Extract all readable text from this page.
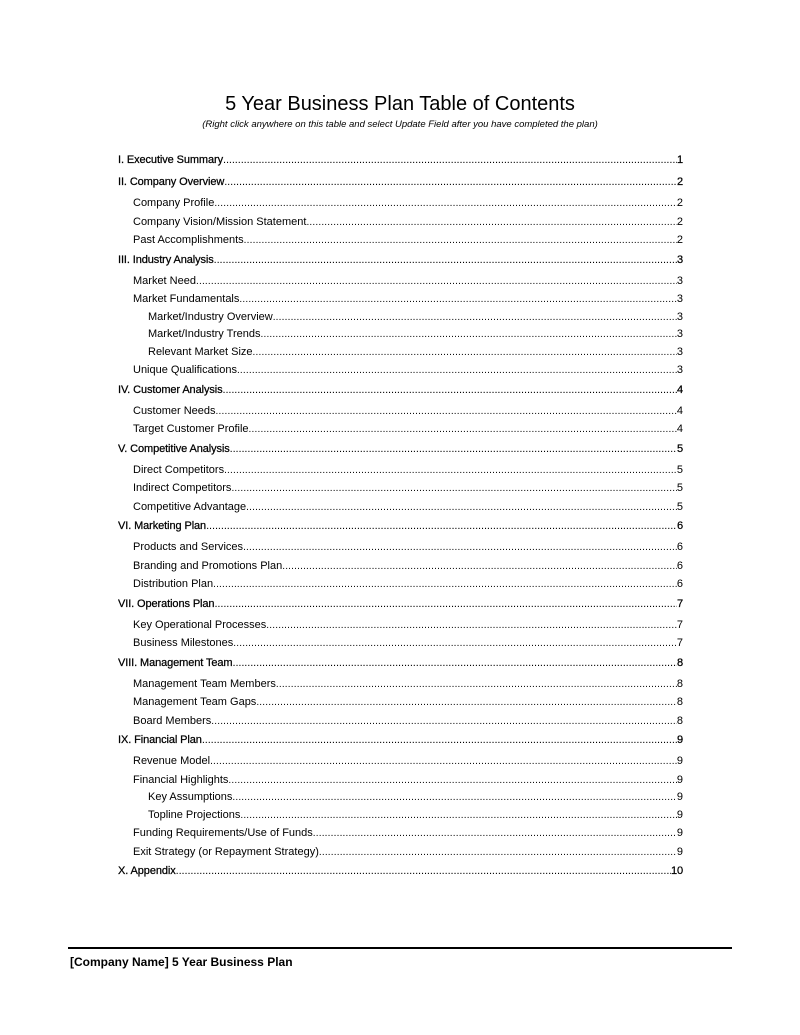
5 Year Business Plan Table of Contents
(Right click anywhere on this table and select Update Field after you have completed the plan)
I. Executive Summary .....	1
II. Company Overview .....	2
Company Profile .....	2
Company Vision/Mission Statement .....	2
Past Accomplishments .....	2
III. Industry Analysis .....	3
Market Need .....	3
Market Fundamentals .....	3
Market/Industry Overview .....	3
Market/Industry Trends .....	3
Relevant Market Size .....	3
Unique Qualifications .....	3
IV. Customer Analysis .....	4
Customer Needs .....	4
Target Customer Profile .....	4
V. Competitive Analysis .....	5
Direct Competitors .....	5
Indirect Competitors .....	5
Competitive Advantage .....	5
VI. Marketing Plan .....	6
Products and Services .....	6
Branding and Promotions Plan .....	6
Distribution Plan .....	6
VII. Operations Plan .....	7
Key Operational Processes .....	7
Business Milestones .....	7
VIII. Management Team .....	8
Management Team Members .....	8
Management Team Gaps .....	8
Board Members .....	8
IX. Financial Plan .....	9
Revenue Model .....	9
Financial Highlights .....	9
Key Assumptions .....	9
Topline Projections .....	9
Funding Requirements/Use of Funds .....	9
Exit Strategy (or Repayment Strategy) .....	9
X. Appendix .....	10
[Company Name] 5 Year Business Plan
